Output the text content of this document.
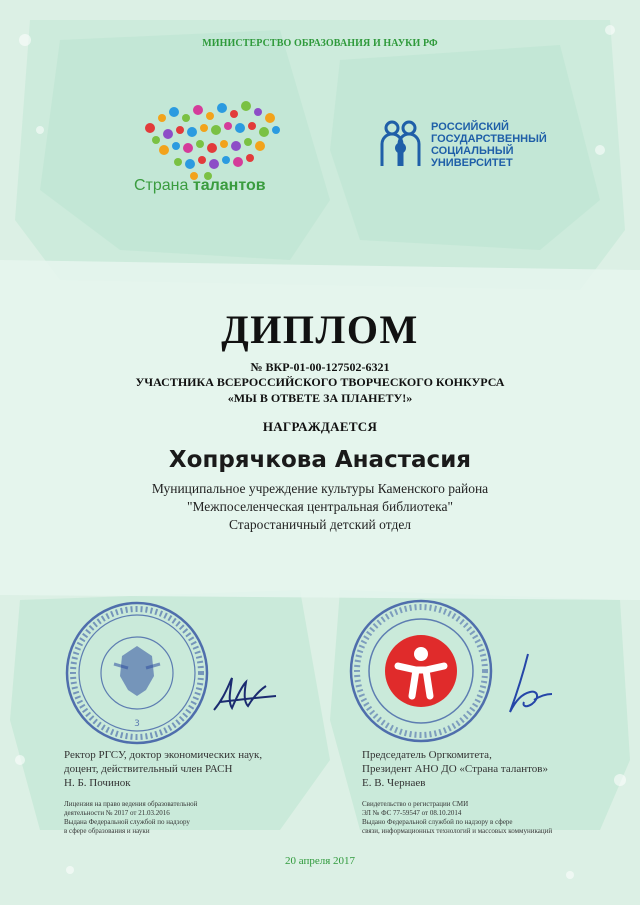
МИНИСТЕРСТВО ОБРАЗОВАНИЯ И НАУКИ РФ
Страна талантов
РОССИЙСКИЙ
ГОСУДАРСТВЕННЫЙ
СОЦИАЛЬНЫЙ
УНИВЕРСИТЕТ
ДИПЛОМ
№ ВКР-01-00-127502-6321
УЧАСТНИКА ВСЕРОССИЙСКОГО ТВОРЧЕСКОГО КОНКУРСА
«МЫ В ОТВЕТЕ ЗА ПЛАНЕТУ!»
НАГРАЖДАЕТСЯ
Хопрячкова Анастасия
Муниципальное учреждение культуры Каменского района
"Межпоселенческая центральная библиотека"
Старостаничный детский отдел
3
Ректор РГСУ, доктор экономических наук,
доцент, действительный член РАСН
Н. Б. Починок
Лицензия на право ведения образовательной
деятельности № 2017 от 21.03.2016
Выдана Федеральной службой по надзору
в сфере образования и науки
Председатель Оргкомитета,
Президент АНО ДО «Страна талантов»
Е. В. Чернаев
Свидетельство о регистрации СМИ
ЭЛ № ФС 77-59547 от 08.10.2014
Выдано Федеральной службой по надзору в сфере
связи, информационных технологий и массовых коммуникаций
20 апреля 2017
